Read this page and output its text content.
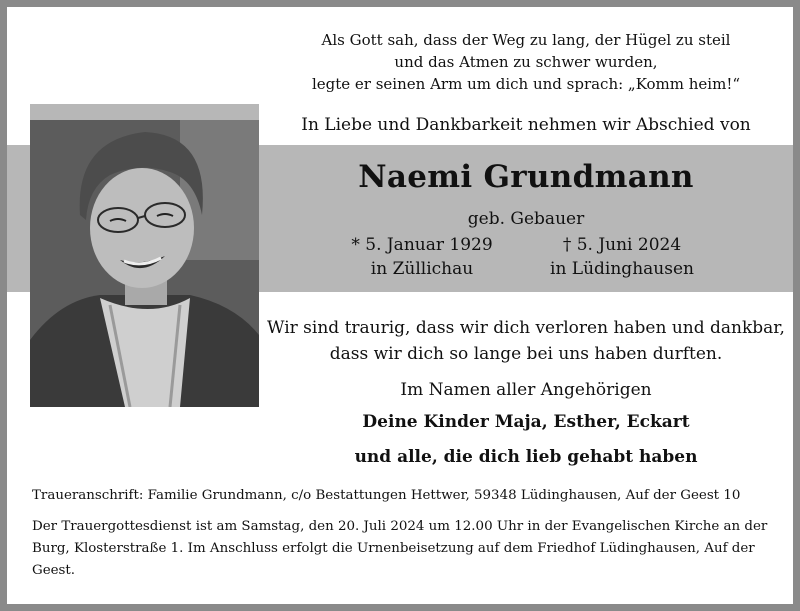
Als Gott sah, dass der Weg zu lang, der Hügel zu steil
und das Atmen zu schwer wurden,
legte er seinen Arm um dich und sprach: „Komm heim!“
In Liebe und Dankbarkeit nehmen wir Abschied von
Naemi Grundmann
geb. Gebauer
* 5. Januar 1929
in Züllichau
† 5. Juni 2024
in Lüdinghausen
Wir sind traurig, dass wir dich verloren haben und dankbar,
dass wir dich so lange bei uns haben durften.
Im Namen aller Angehörigen
Deine Kinder Maja, Esther, Eckart
und alle, die dich lieb gehabt haben

Traueranschrift: Familie Grundmann, c/o Bestattungen Hettwer, 59348 Lüdinghausen, Auf der Geest 10

Der Trauergottesdienst ist am Samstag, den 20. Juli 2024 um 12.00 Uhr in der Evangelischen Kirche an der Burg, Klosterstraße 1. Im Anschluss erfolgt die Urnenbeisetzung auf dem Friedhof Lüdinghausen, Auf der Geest.
